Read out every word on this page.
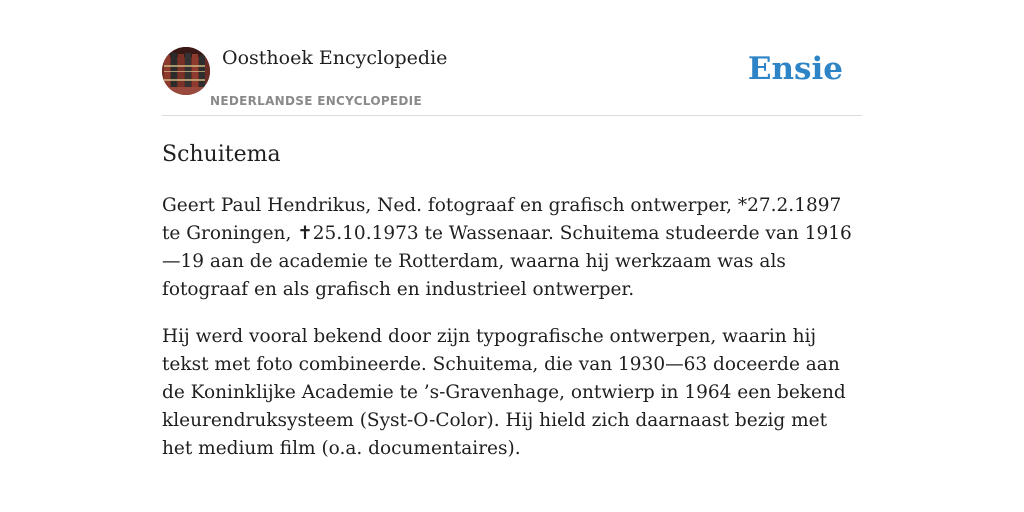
Oosthoek Encyclopedie
NEDERLANDSE ENCYCLOPEDIE
Ensie
Schuitema

Geert Paul Hendrikus, Ned. fotograaf en grafisch ontwerper, *27.2.1897 te Groningen, ✝25.10.1973 te Wassenaar. Schuitema studeerde van 1916—19 aan de academie te Rotterdam, waarna hij werkzaam was als fotograaf en als grafisch en industrieel ontwerper.

Hij werd vooral bekend door zijn typografische ontwerpen, waarin hij tekst met foto combineerde. Schuitema, die van 1930—63 doceerde aan de Koninklijke Academie te ’s-Gravenhage, ontwierp in 1964 een bekend kleurendruksysteem (Syst-O-Color). Hij hield zich daarnaast bezig met het medium film (o.a. documentaires).
